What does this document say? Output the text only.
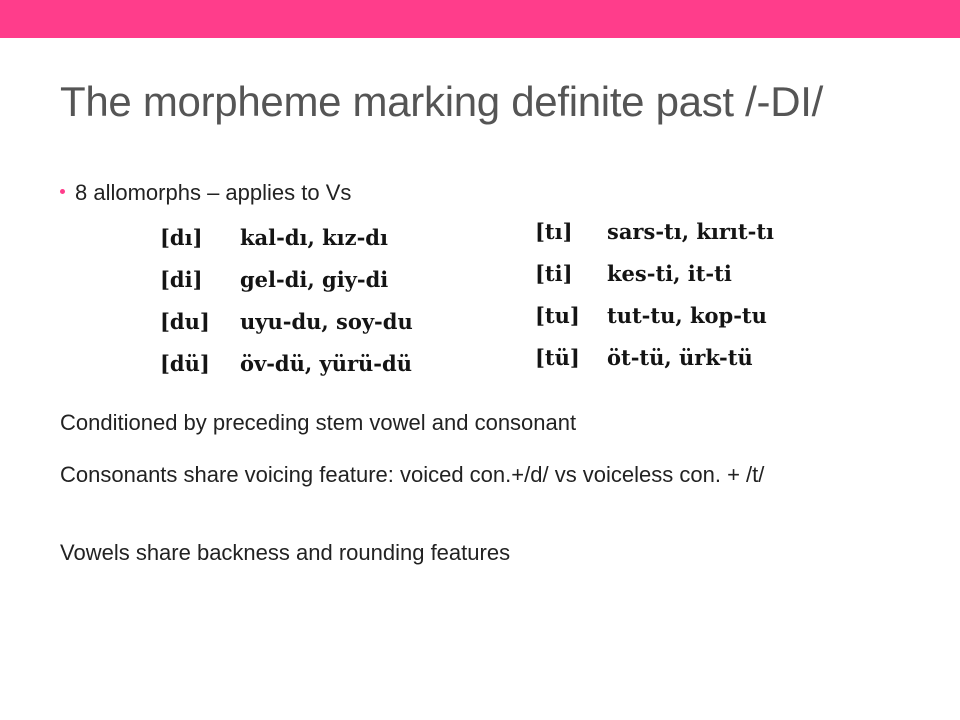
The morpheme marking definite past /-DI/
8 allomorphs – applies to Vs
[dı] kal-dı, kız-dı
[di] gel-di, giy-di
[du] uyu-du, soy-du
[dü] öv-dü, yürü-dü
[tı] sars-tı, kırıt-tı
[ti] kes-ti, it-ti
[tu] tut-tu, kop-tu
[tü] öt-tü, ürk-tü

Conditioned by preceding stem vowel and consonant

Consonants share voicing feature: voiced con.+/d/ vs voiceless con. + /t/

Vowels share backness and rounding features
